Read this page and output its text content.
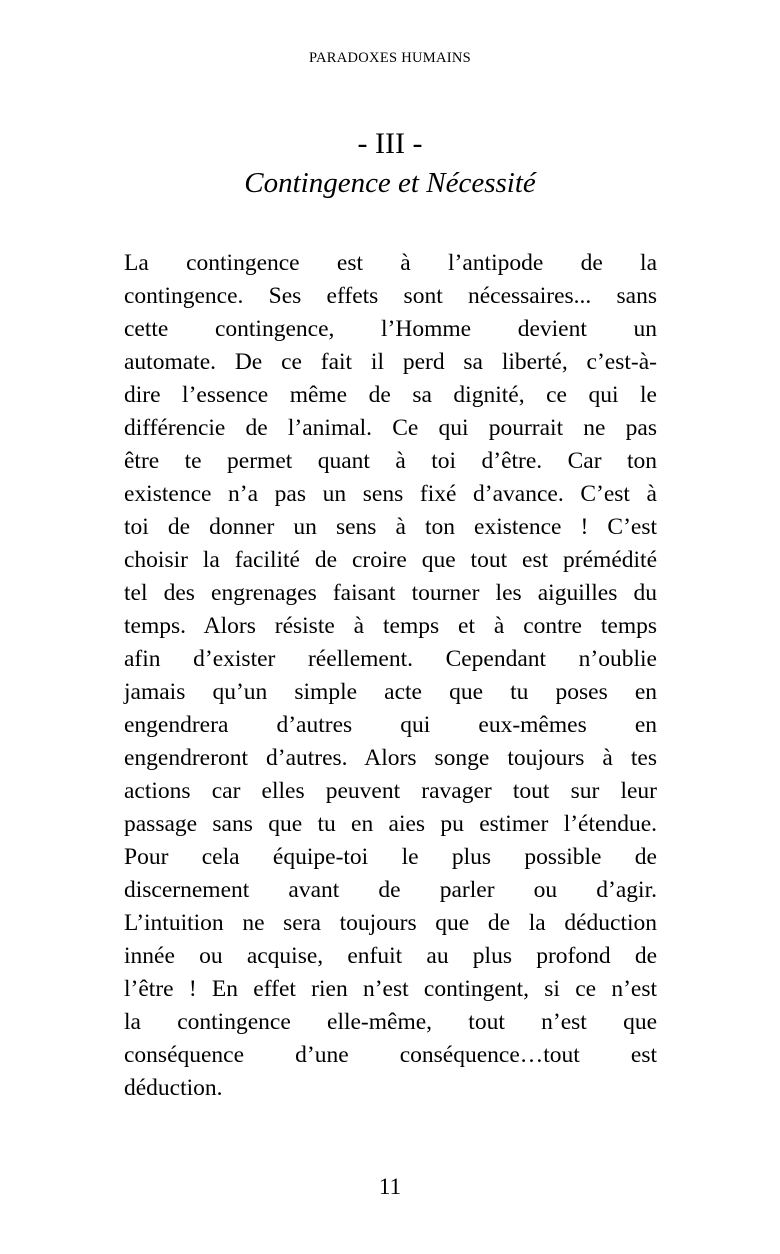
PARADOXES HUMAINS
- III -
Contingence et Nécessité
La contingence est à l’antipode de la
contingence. Ses effets sont nécessaires... sans
cette contingence, l’Homme devient un
automate. De ce fait il perd sa liberté, c’est-à-
dire l’essence même de sa dignité, ce qui le
différencie de l’animal. Ce qui pourrait ne pas
être te permet quant à toi d’être. Car ton
existence n’a pas un sens fixé d’avance. C’est à
toi de donner un sens à ton existence ! C’est
choisir la facilité de croire que tout est prémédité
tel des engrenages faisant tourner les aiguilles du
temps. Alors résiste à temps et à contre temps
afin d’exister réellement. Cependant n’oublie
jamais qu’un simple acte que tu poses en
engendrera d’autres qui eux-mêmes en
engendreront d’autres. Alors songe toujours à tes
actions car elles peuvent ravager tout sur leur
passage sans que tu en aies pu estimer l’étendue.
Pour cela équipe-toi le plus possible de
discernement avant de parler ou d’agir.
L’intuition ne sera toujours que de la déduction
innée ou acquise, enfuit au plus profond de
l’être ! En effet rien n’est contingent, si ce n’est
la contingence elle-même, tout n’est que
conséquence d’une conséquence…tout est
déduction.
11
